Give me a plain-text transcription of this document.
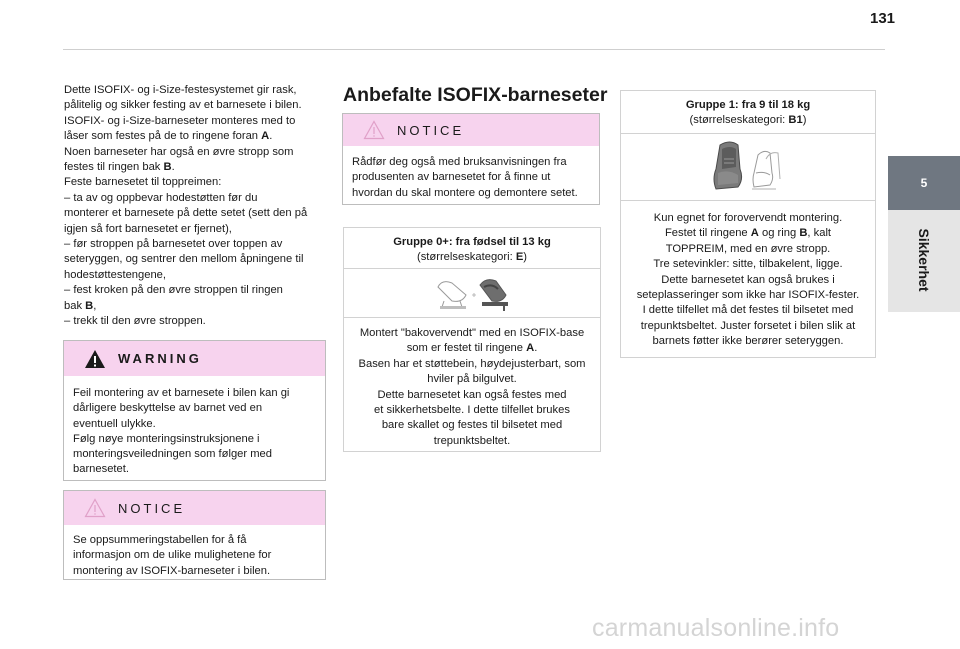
131
5
Sikkerhet

Dette ISOFIX- og i-Size-festesystemet gir rask,

pålitelig og sikker festing av et barnesete i bilen.

ISOFIX- og i-Size-barneseter monteres med to

låser som festes på de to ringene foran A.

Noen barneseter har også en øvre stropp som

festes til ringen bak B.

Feste barnesetet til toppreimen:

– ta av og oppbevar hodestøtten før du

monterer et barnesete på dette setet (sett den på

igjen så fort barnesetet er fjernet),

– før stroppen på barnesetet over toppen av

seteryggen, og sentrer den mellom åpningene til

hodestøttestengene,

– fest kroken på den øvre stroppen til ringen

bak B,

– trekk til den øvre stroppen.

WARNING

Feil montering av et barnesete i bilen kan gi

dårligere beskyttelse av barnet ved en

eventuell ulykke.

Følg nøye monteringsinstruksjonene i

monteringsveiledningen som følger med

barnesetet.

NOTICE

Se oppsummeringstabellen for å få

informasjon om de ulike mulighetene for

montering av ISOFIX-barneseter i bilen.

Anbefalte ISOFIX-barneseter
NOTICE

Rådfør deg også med bruksanvisningen fra

produsenten av barnesetet for å finne ut

hvordan du skal montere og demontere setet.

Gruppe 0+: fra fødsel til 13 kg
(størrelseskategori: E)

Montert "bakovervendt" med en ISOFIX-base

som er festet til ringene A.

Basen har et støttebein, høydejusterbart, som

hviler på bilgulvet.

Dette barnesetet kan også festes med

et sikkerhetsbelte. I dette tilfellet brukes

bare skallet og festes til bilsetet med

trepunktsbeltet.

Gruppe 1: fra 9 til 18 kg
(størrelseskategori: B1)

Kun egnet for forovervendt montering.

Festet til ringene A og ring B, kalt

TOPPREIM, med en øvre stropp.

Tre setevinkler: sitte, tilbakelent, ligge.

Dette barnesetet kan også brukes i

seteplasseringer som ikke har ISOFIX-fester.

I dette tilfellet må det festes til bilsetet med

trepunktsbeltet. Juster forsetet i bilen slik at

barnets føtter ikke berører seteryggen.

carmanualsonline.info
